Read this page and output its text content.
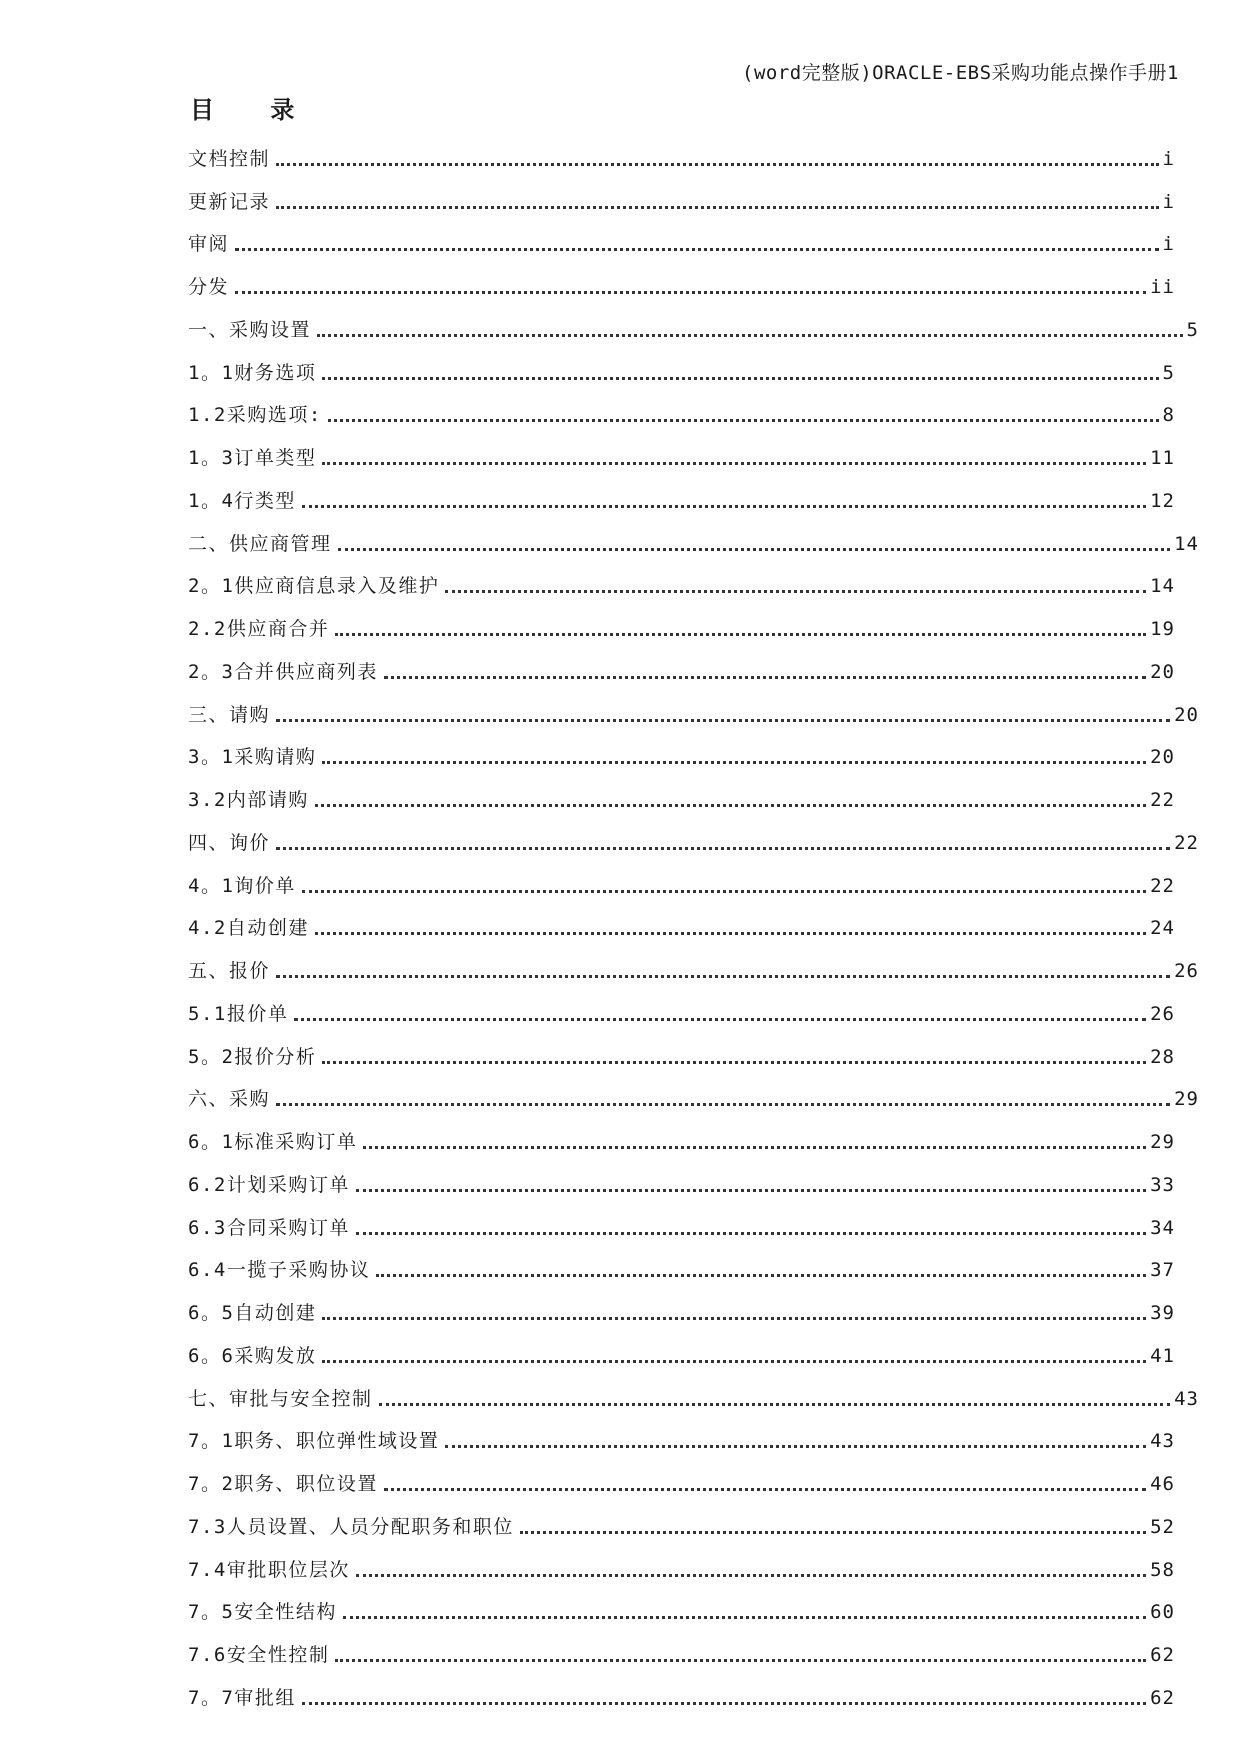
(word完整版)ORACLE-EBS采购功能点操作手册1
目 录
文档控制	i
更新记录	i
审阅	i
分发	ii
一、采购设置	5
1。1财务选项	5
1.2采购选项:	8
1。3订单类型	11
1。4行类型	12
二、供应商管理	14
2。1供应商信息录入及维护	14
2.2供应商合并	19
2。3合并供应商列表	20
三、请购	20
3。1采购请购	20
3.2内部请购	22
四、询价	22
4。1询价单	22
4.2自动创建	24
五、报价	26
5.1报价单	26
5。2报价分析	28
六、采购	29
6。1标准采购订单	29
6.2计划采购订单	33
6.3合同采购订单	34
6.4一揽子采购协议	37
6。5自动创建	39
6。6采购发放	41
七、审批与安全控制	43
7。1职务、职位弹性域设置	43
7。2职务、职位设置	46
7.3人员设置、人员分配职务和职位	52
7.4审批职位层次	58
7。5安全性结构	60
7.6安全性控制	62
7。7审批组	62
